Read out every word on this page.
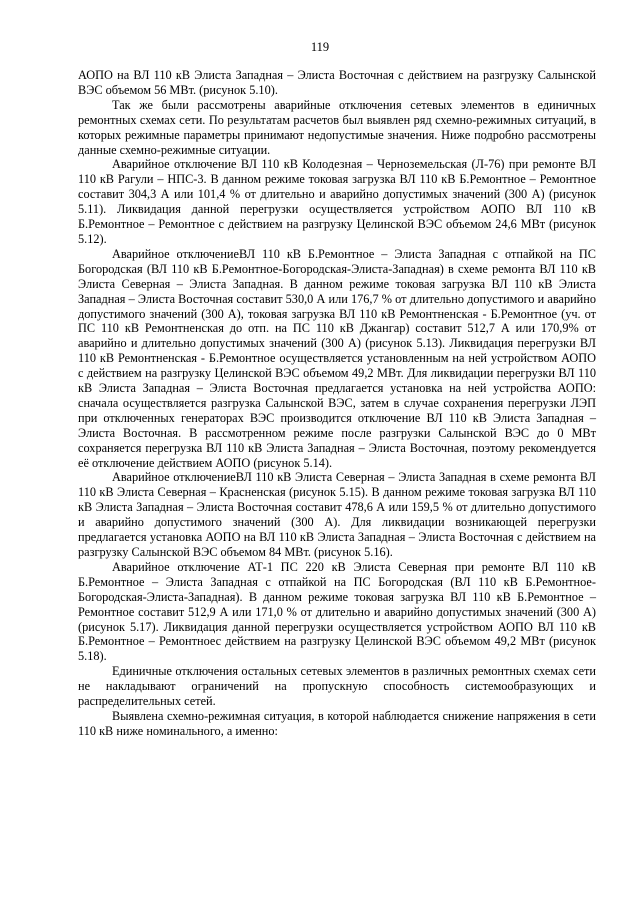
119

АОПО на ВЛ 110 кВ Элиста Западная – Элиста Восточная с действием на разгрузку Салынской ВЭС объемом 56 МВт. (рисунок 5.10).

Так же были рассмотрены аварийные отключения сетевых элементов в единичных ремонтных схемах сети. По результатам расчетов был выявлен ряд схемно-режимных ситуаций, в которых режимные параметры принимают недопустимые значения. Ниже подробно рассмотрены данные схемно-режимные ситуации.

Аварийное отключение ВЛ 110 кВ Колодезная – Черноземельская (Л-76) при ремонте ВЛ 110 кВ Рагули – НПС-3. В данном режиме токовая загрузка ВЛ 110 кВ Б.Ремонтное – Ремонтное составит 304,3 А или 101,4 % от длительно и аварийно допустимых значений (300 А) (рисунок 5.11). Ликвидация данной перегрузки осуществляется устройством АОПО ВЛ 110 кВ Б.Ремонтное – Ремонтное с действием на разгрузку Целинской ВЭС объемом 24,6 МВт (рисунок 5.12).

Аварийное отключениеВЛ 110 кВ Б.Ремонтное – Элиста Западная с отпайкой на ПС Богородская (ВЛ 110 кВ Б.Ремонтное-Богородская-Элиста-Западная) в схеме ремонта ВЛ 110 кВ Элиста Северная – Элиста Западная. В данном режиме токовая загрузка ВЛ 110 кВ Элиста Западная – Элиста Восточная составит 530,0 А или 176,7 % от длительно допустимого и аварийно допустимого значений (300 А), токовая загрузка ВЛ 110 кВ Ремонтненская - Б.Ремонтное (уч. от ПС 110 кВ Ремонтненская до отп. на ПС 110 кВ Джангар) составит 512,7 А или 170,9% от аварийно и длительно допустимых значений (300 А) (рисунок 5.13). Ликвидация перегрузки ВЛ 110 кВ Ремонтненская - Б.Ремонтное осуществляется установленным на ней устройством АОПО с действием на разгрузку Целинской ВЭС объемом 49,2 МВт. Для ликвидации перегрузки ВЛ 110 кВ Элиста Западная – Элиста Восточная предлагается установка на ней устройства АОПО: сначала осуществляется разгрузка Салынской ВЭС, затем в случае сохранения перегрузки ЛЭП при отключенных генераторах ВЭС производится отключение ВЛ 110 кВ Элиста Западная – Элиста Восточная. В рассмотренном режиме после разгрузки Салынской ВЭС до 0 МВт сохраняется перегрузка ВЛ 110 кВ Элиста Западная – Элиста Восточная, поэтому рекомендуется её отключение действием АОПО (рисунок 5.14).

Аварийное отключениеВЛ 110 кВ Элиста Северная – Элиста Западная в схеме ремонта ВЛ 110 кВ Элиста Северная – Красненская (рисунок 5.15). В данном режиме токовая загрузка ВЛ 110 кВ Элиста Западная – Элиста Восточная составит 478,6 А или 159,5 % от длительно допустимого и аварийно допустимого значений (300 А). Для ликвидации возникающей перегрузки предлагается установка АОПО на ВЛ 110 кВ Элиста Западная – Элиста Восточная с действием на разгрузку Салынской ВЭС объемом 84 МВт. (рисунок 5.16).

Аварийное отключение АТ-1 ПС 220 кВ Элиста Северная при ремонте ВЛ 110 кВ Б.Ремонтное – Элиста Западная с отпайкой на ПС Богородская (ВЛ 110 кВ Б.Ремонтное-Богородская-Элиста-Западная). В данном режиме токовая загрузка ВЛ 110 кВ Б.Ремонтное – Ремонтное составит 512,9 А или 171,0 % от длительно и аварийно допустимых значений (300 А) (рисунок 5.17). Ликвидация данной перегрузки осуществляется устройством АОПО ВЛ 110 кВ Б.Ремонтное – Ремонтноес действием на разгрузку Целинской ВЭС объемом 49,2 МВт (рисунок 5.18).

Единичные отключения остальных сетевых элементов в различных ремонтных схемах сети не накладывают ограничений на пропускную способность системообразующих и распределительных сетей.

Выявлена схемно-режимная ситуация, в которой наблюдается снижение напряжения в сети 110 кВ ниже номинального, а именно:
